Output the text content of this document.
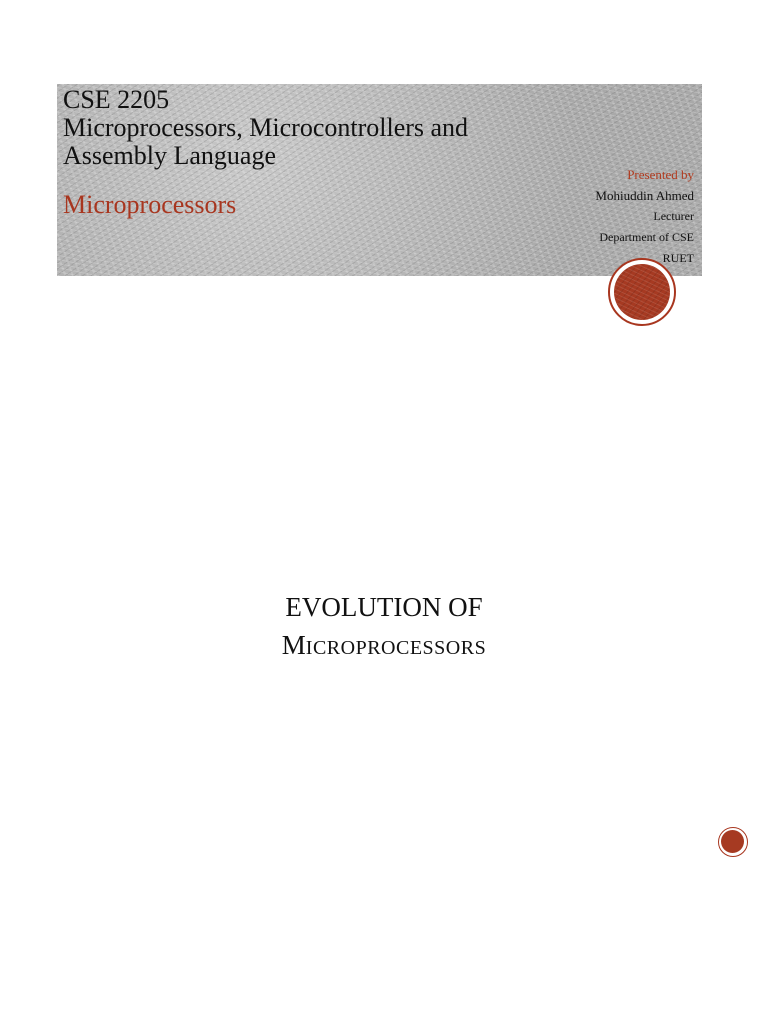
CSE 2205
Microprocessors, Microcontrollers and
Assembly Language
Microprocessors
Presented by
Mohiuddin Ahmed
Lecturer
Department of CSE
RUET
EVOLUTION OF
MICROPROCESSORS
